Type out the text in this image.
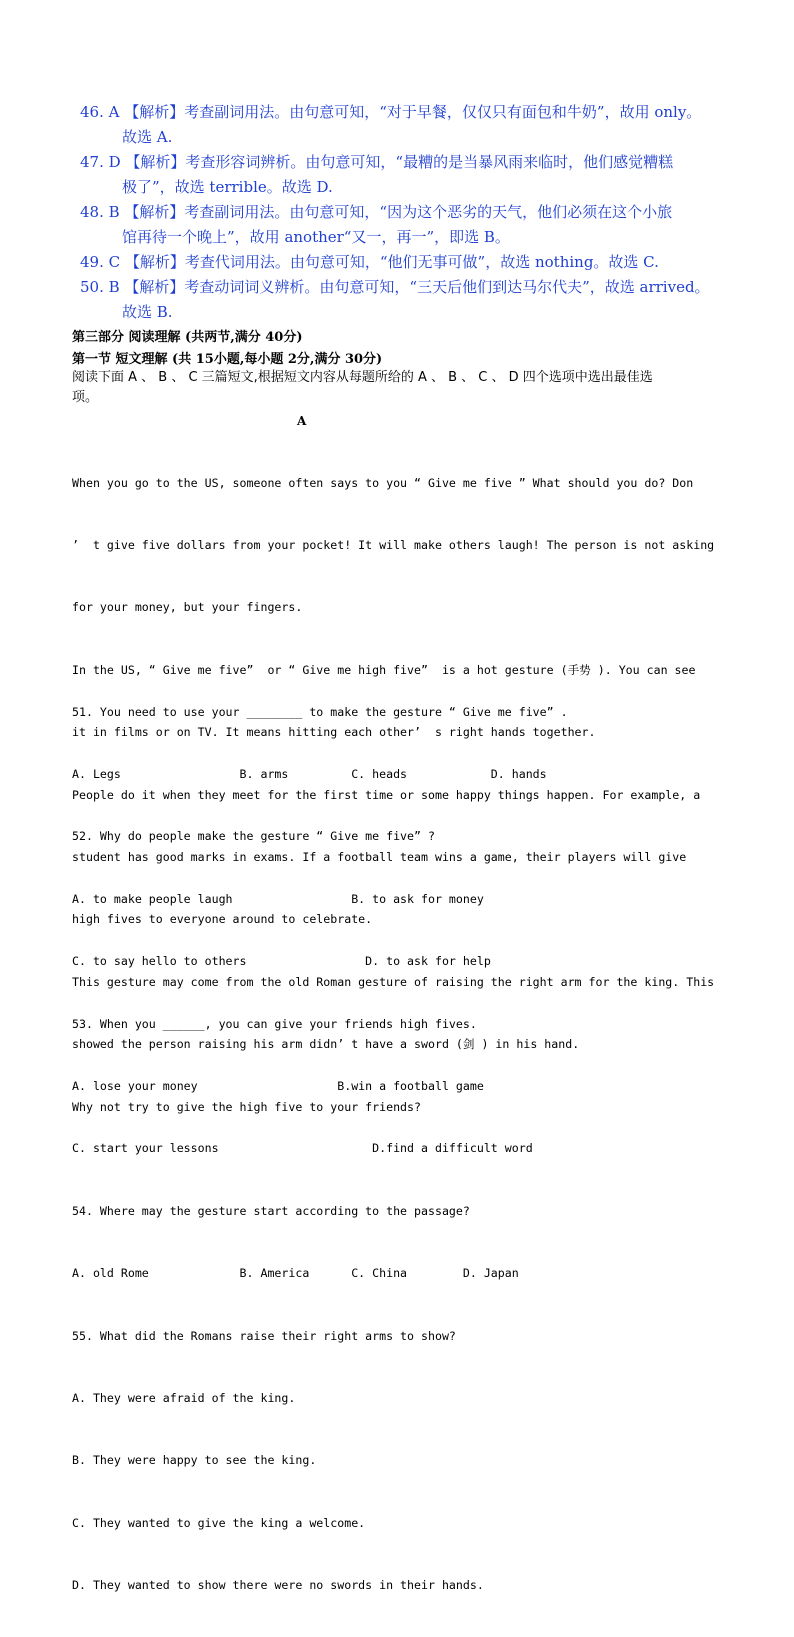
46. A 【解析】考查副词用法。由句意可知，“对于早餐，仅仅只有面包和牛奶”，故用 only。
故选 A.
47. D 【解析】考查形容词辨析。由句意可知，“最糟的是当暴风雨来临时，他们感觉糟糕
极了”，故选 terrible。故选 D.
48. B 【解析】考查副词用法。由句意可知，“因为这个恶劣的天气，他们必须在这个小旅
馆再待一个晚上”，故用 another“又一，再一”，即选 B。
49. C 【解析】考查代词用法。由句意可知，“他们无事可做”，故选 nothing。故选 C.
50. B 【解析】考查动词词义辨析。由句意可知，“三天后他们到达马尔代夫”，故选 arrived。
故选 B.
第三部分 阅读理解 (共两节,满分 40分)
第一节 短文理解 (共 15小题,每小题 2分,满分 30分)
阅读下面 A 、 B 、 C 三篇短文,根据短文内容从每题所给的 A 、 B 、 C 、 D 四个选项中选出最佳选
项。
A

When you go to the US, someone often says to you “ Give me five ” What should you do? Don

’  t give five dollars from your pocket! It will make others laugh! The person is not asking

for your money, but your fingers.

In the US, “ Give me five”  or “ Give me high five”  is a hot gesture (手势 ). You can see

it in films or on TV. It means hitting each other’  s right hands together.

People do it when they meet for the first time or some happy things happen. For example, a

student has good marks in exams. If a football team wins a game, their players will give

high fives to everyone around to celebrate.

This gesture may come from the old Roman gesture of raising the right arm for the king. This

showed the person raising his arm didn’ t have a sword (剑 ) in his hand.

Why not try to give the high five to your friends?

51. You need to use your ________ to make the gesture “ Give me five” .

A. Legs                 B. arms         C. heads            D. hands

52. Why do people make the gesture “ Give me five” ?

A. to make people laugh                 B. to ask for money

C. to say hello to others                 D. to ask for help

53. When you ______, you can give your friends high fives.

A. lose your money                    B.win a football game

C. start your lessons                      D.find a difficult word

54. Where may the gesture start according to the passage?

A. old Rome             B. America      C. China        D. Japan

55. What did the Romans raise their right arms to show?

A. They were afraid of the king.

B. They were happy to see the king.

C. They wanted to give the king a welcome.

D. They wanted to show there were no swords in their hands.
